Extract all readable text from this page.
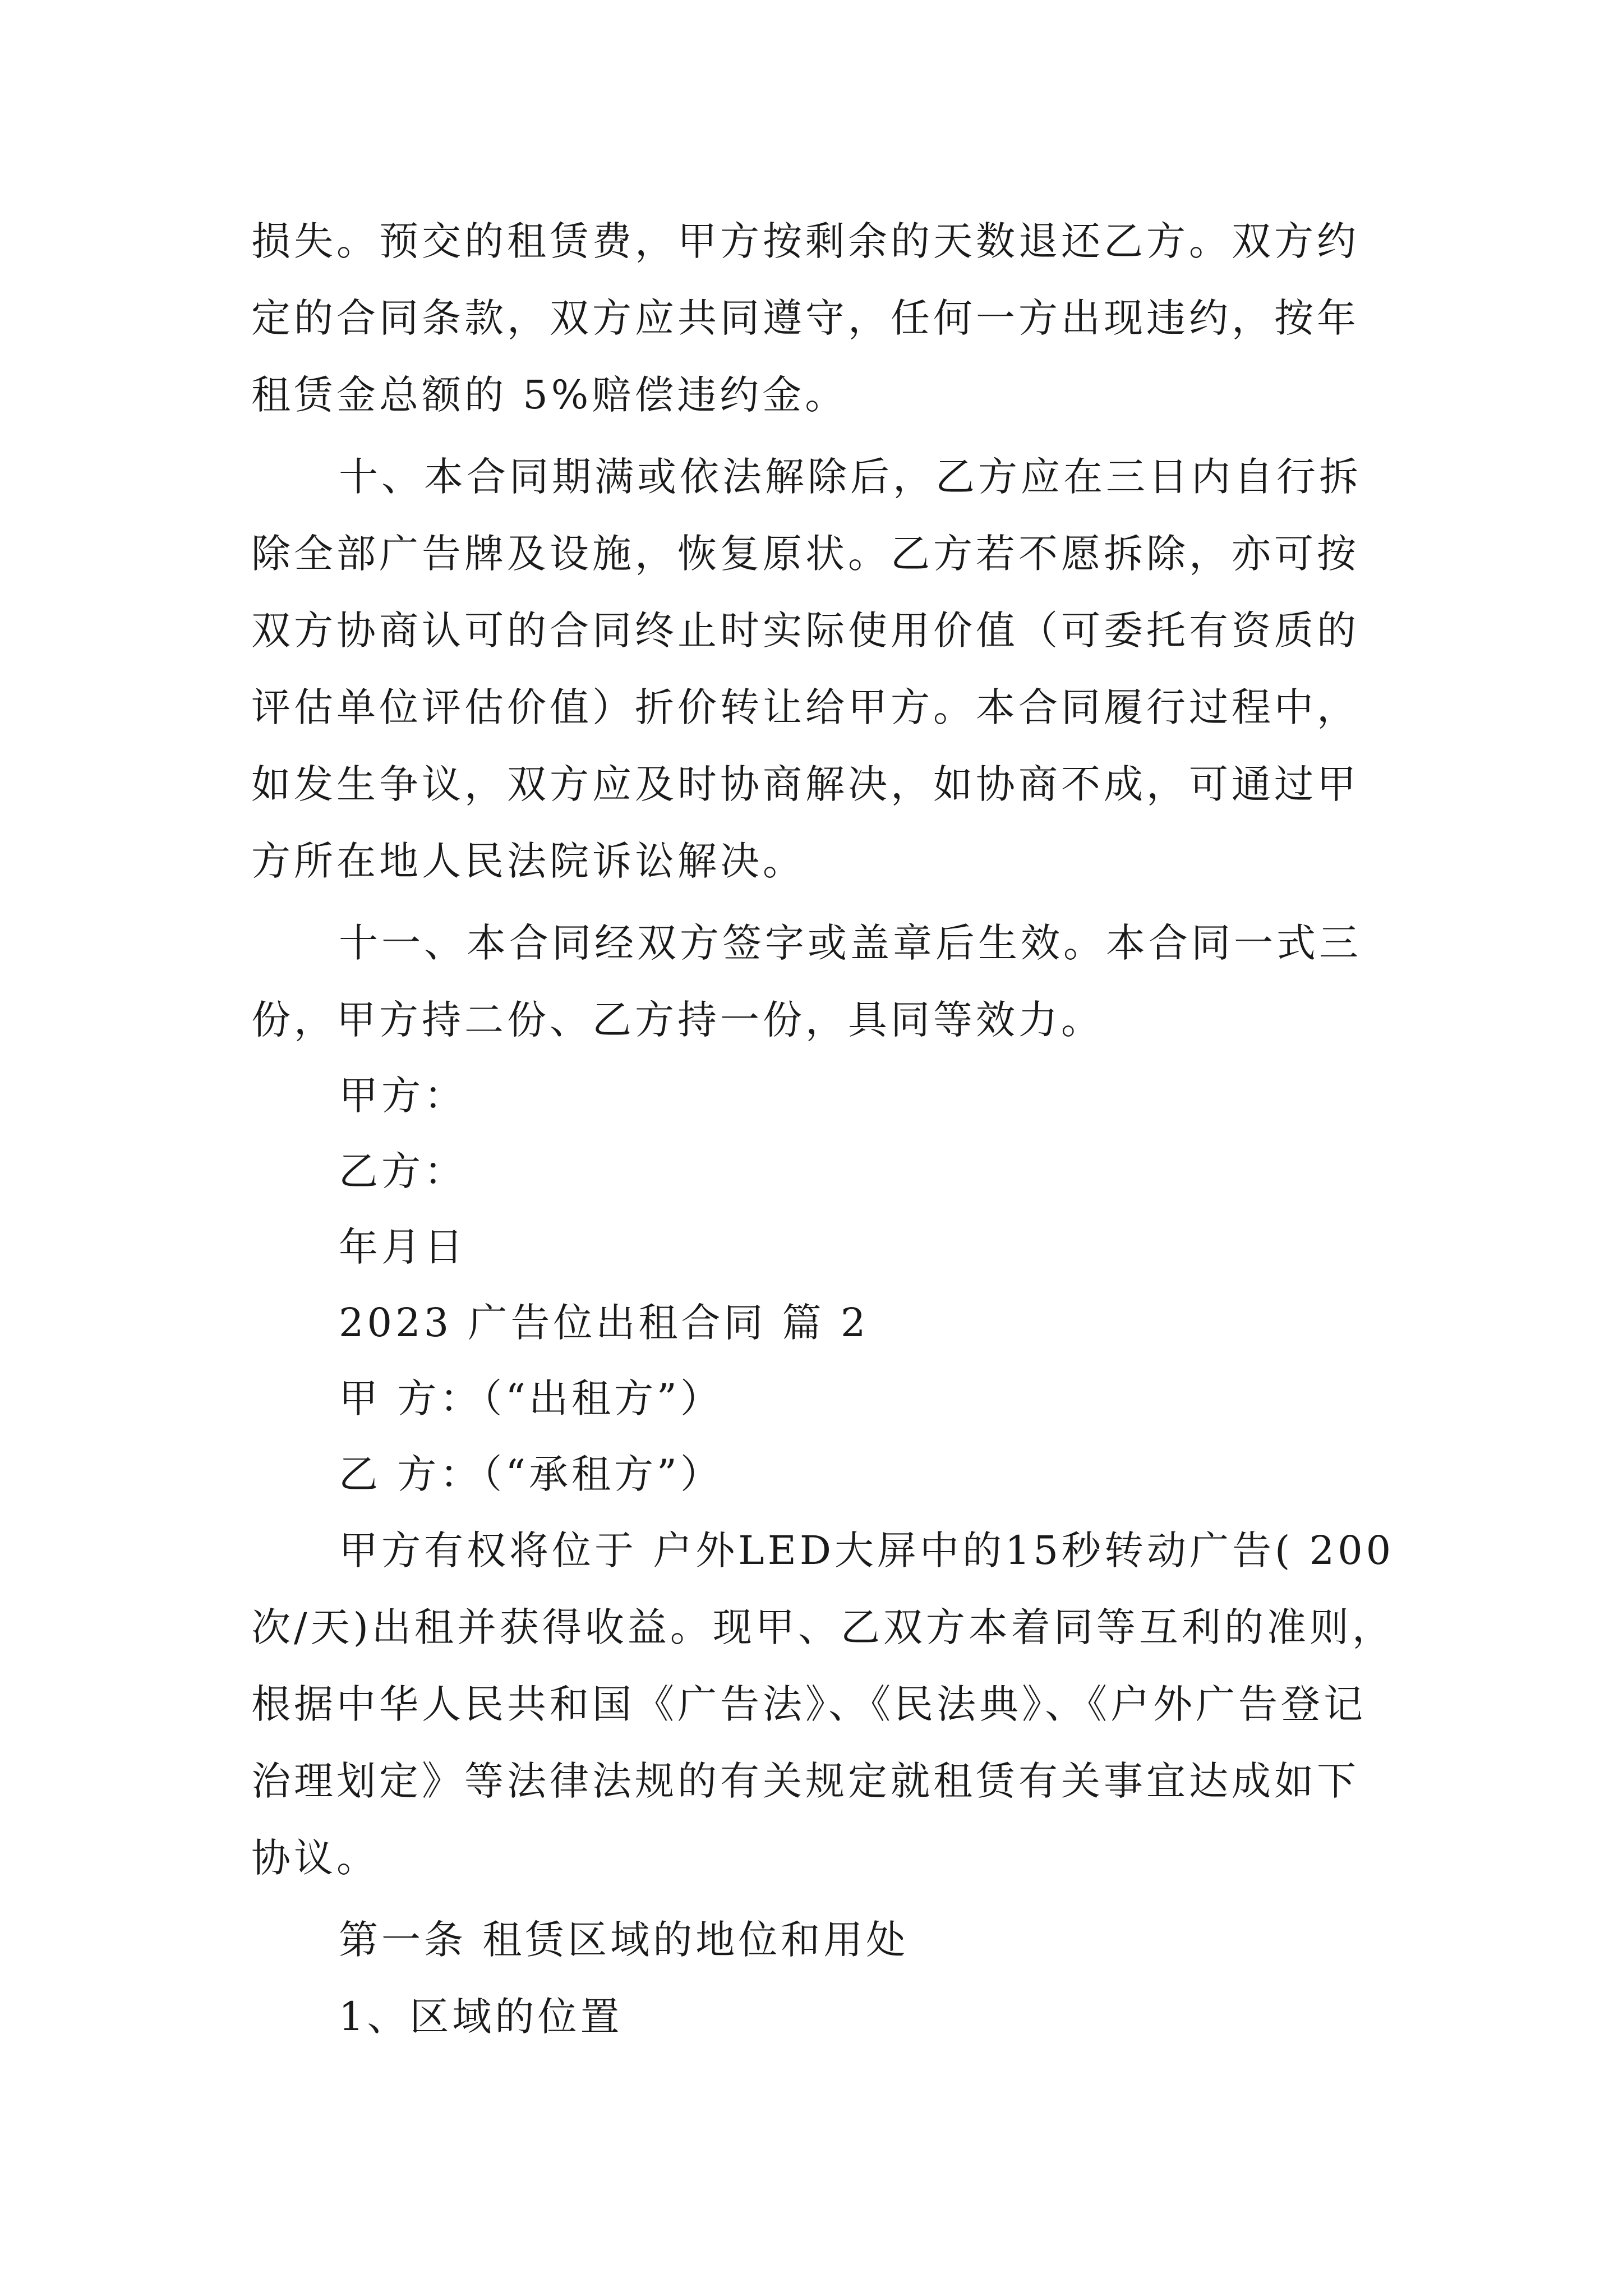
损失。预交的租赁费，甲方按剩余的天数退还乙方。双方约
定的合同条款，双方应共同遵守，任何一方出现违约，按年
租赁金总额的 5%赔偿违约金。
十、本合同期满或依法解除后，乙方应在三日内自行拆
除全部广告牌及设施，恢复原状。乙方若不愿拆除，亦可按
双方协商认可的合同终止时实际使用价值（可委托有资质的
评估单位评估价值）折价转让给甲方。本合同履行过程中，
如发生争议，双方应及时协商解决，如协商不成，可通过甲
方所在地人民法院诉讼解决。
十一、本合同经双方签字或盖章后生效。本合同一式三
份，甲方持二份、乙方持一份，具同等效力。
甲方：
乙方：
年月日
2023 广告位出租合同 篇 2
甲 方：（“出租方”）
乙 方：（“承租方”）
甲方有权将位于 户外LED大屏中的15秒转动广告( 200
次/天)出租并获得收益。现甲、乙双方本着同等互利的准则，
根据中华人民共和国《广告法》、《民法典》、《户外广告登记
治理划定》等法律法规的有关规定就租赁有关事宜达成如下
协议。
第一条 租赁区域的地位和用处
1、区域的位置
